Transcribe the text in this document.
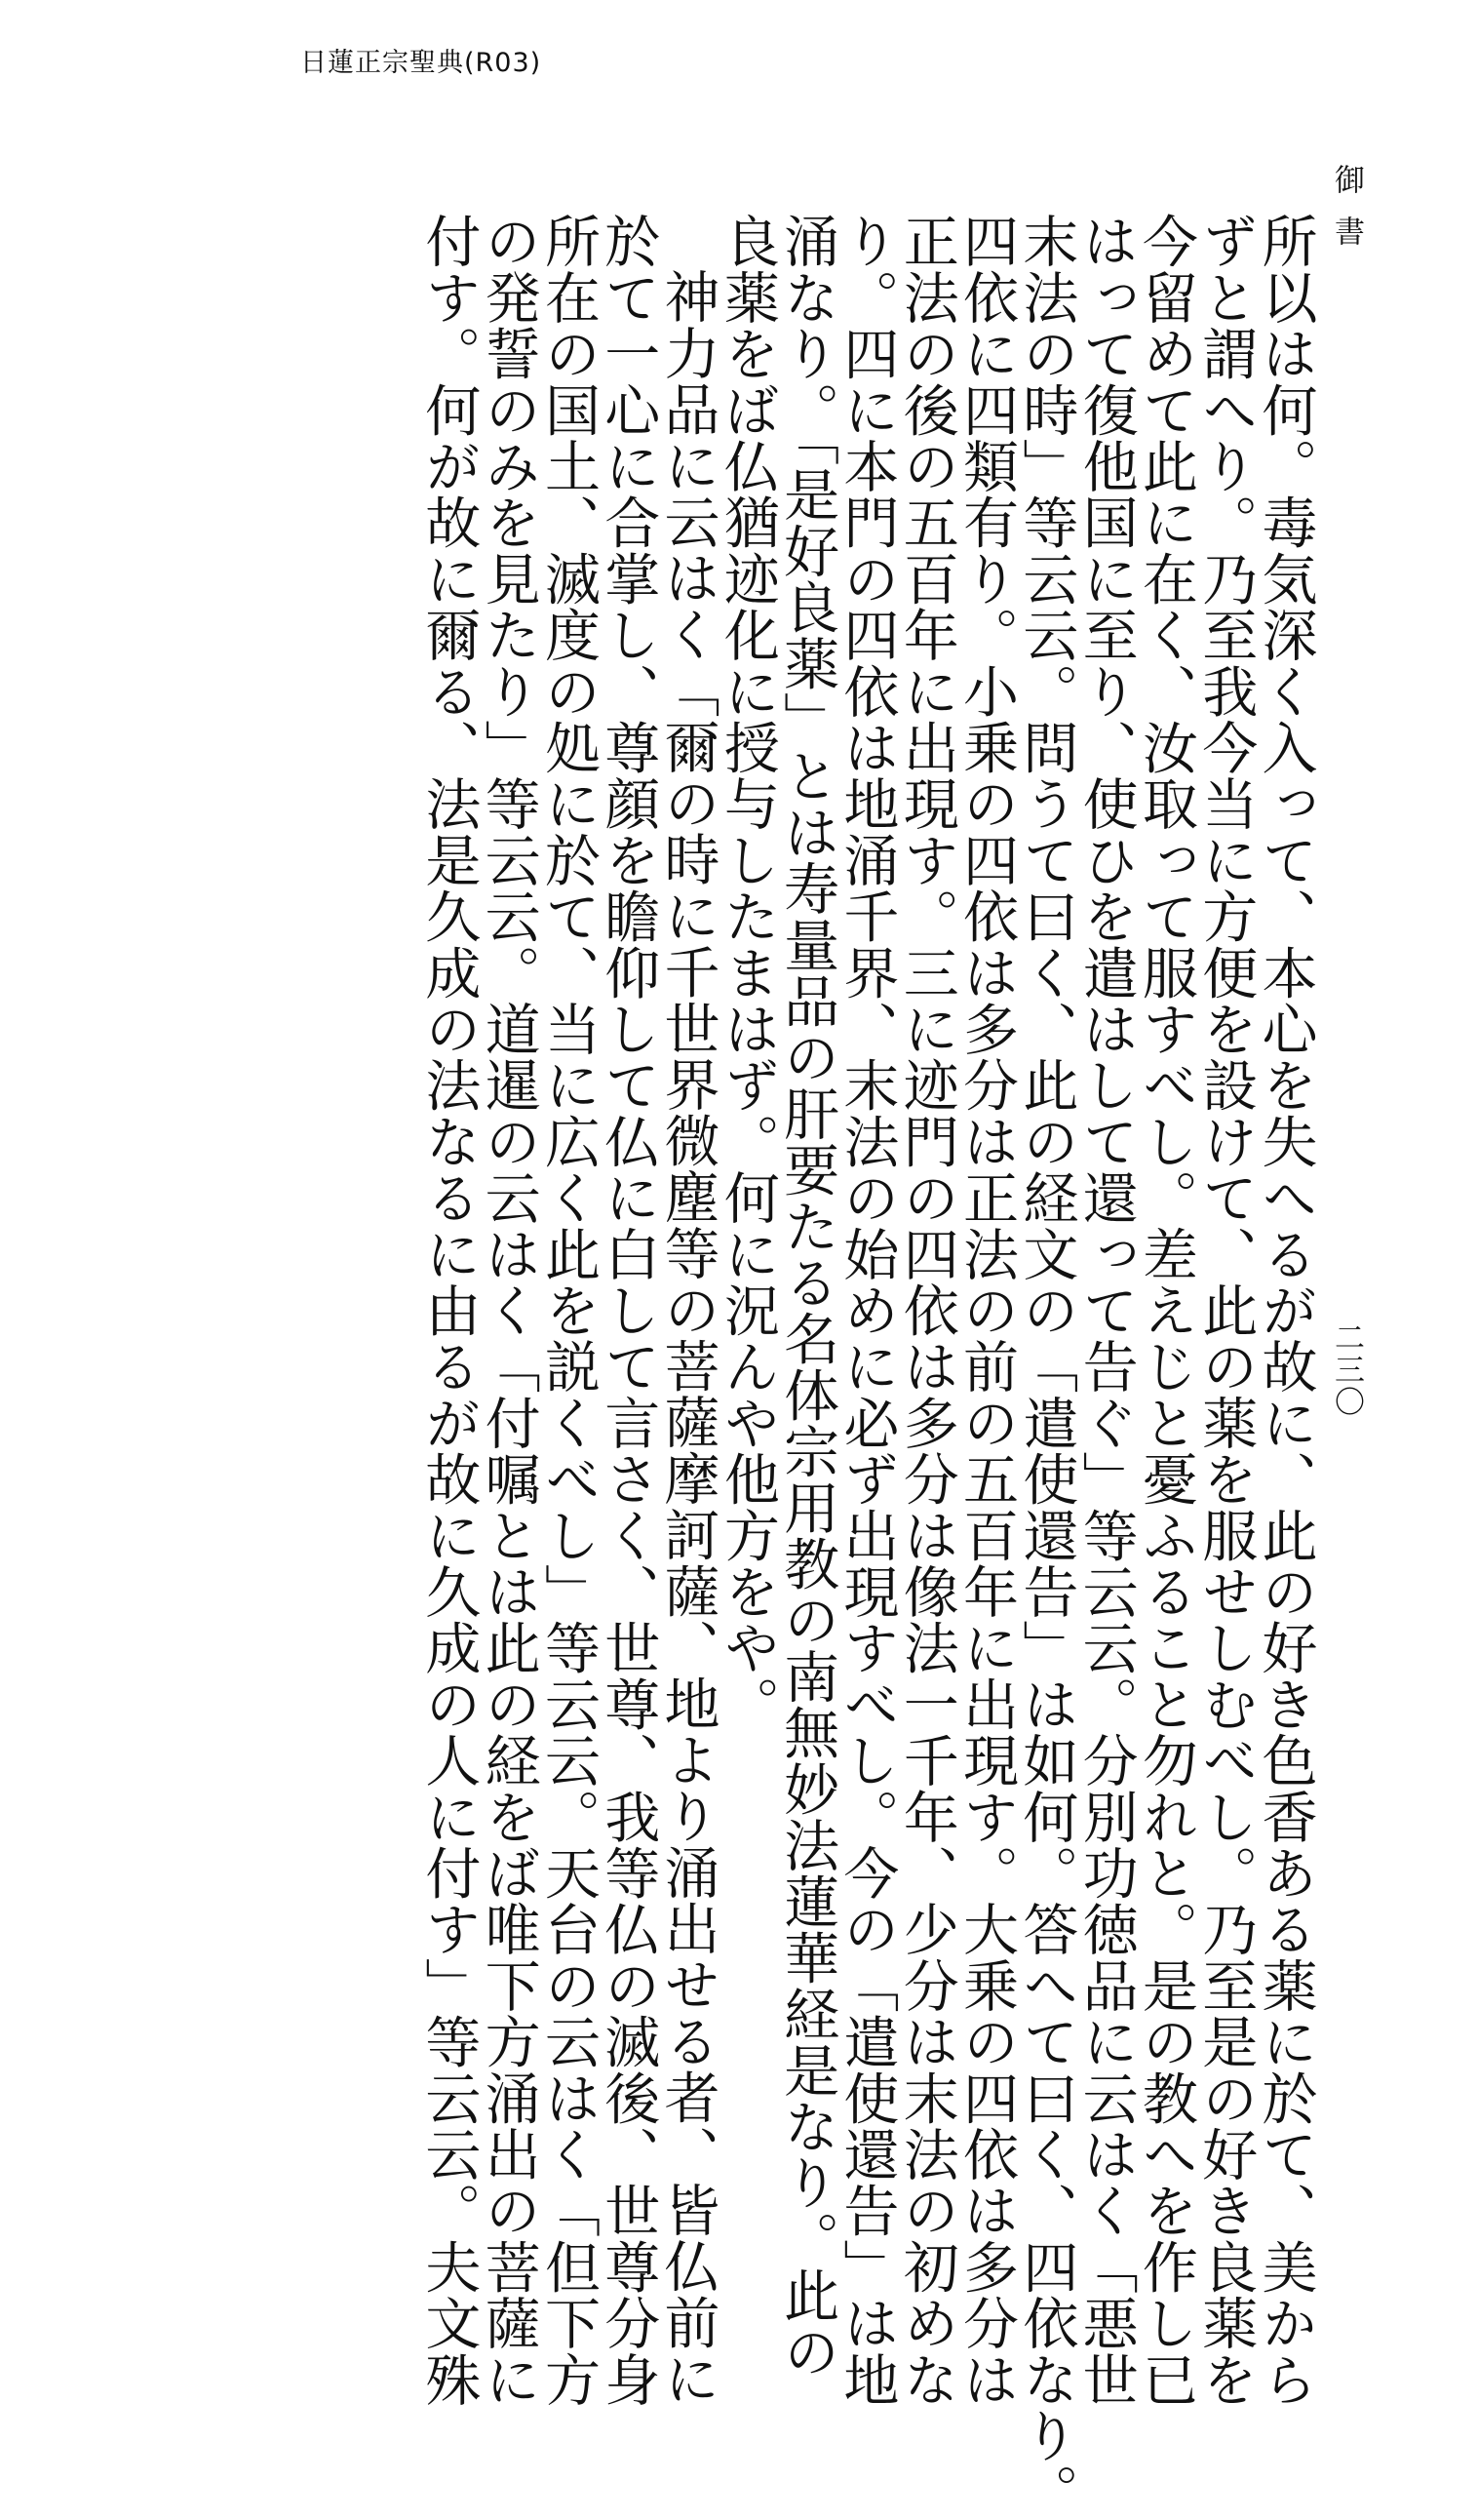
日蓮正宗聖典(R03)
御書
二三〇

所以は何。毒気深く入って、本心を失へるが故に、此の好き色香ある薬に於て、美から

ずと謂へり。乃至我今当に方便を設けて、此の薬を服せしむべし。乃至是の好き良薬を

今留めて此に在く、汝取って服すべし。差えじと憂ふること勿れと。是の教へを作し已

はって復他国に至り、使ひを遣はして還って告ぐ」等云云。分別功徳品に云はく「悪世

末法の時」等云云。問うて曰く、此の経文の「遣使還告」は如何。答へて曰く、四依なり。

四依に四類有り。小乗の四依は多分は正法の前の五百年に出現す。大乗の四依は多分は

正法の後の五百年に出現す。三に迹門の四依は多分は像法一千年、少分は末法の初めな

り。四に本門の四依は地涌千界、末法の始めに必ず出現すべし。今の「遣使還告」は地

涌なり。「是好良薬」とは寿量品の肝要たる名体宗用教の南無妙法蓮華経是なり。此の

良薬をば仏猶迹化に授与したまはず。何に況んや他方をや。

神力品に云はく「爾の時に千世界微塵等の菩薩摩訶薩、地より涌出せる者、皆仏前に

於て一心に合掌し、尊顔を瞻仰して仏に白して言さく、世尊、我等仏の滅後、世尊分身

所在の国土、滅度の処に於て、当に広く此を説くべし」等云云。天台の云はく「但下方

の発誓のみを見たり」等云云。道暹の云はく「付嘱とは此の経をば唯下方涌出の菩薩に

付す。何が故に爾る、法是久成の法なるに由るが故に久成の人に付す」等云云。夫文殊
